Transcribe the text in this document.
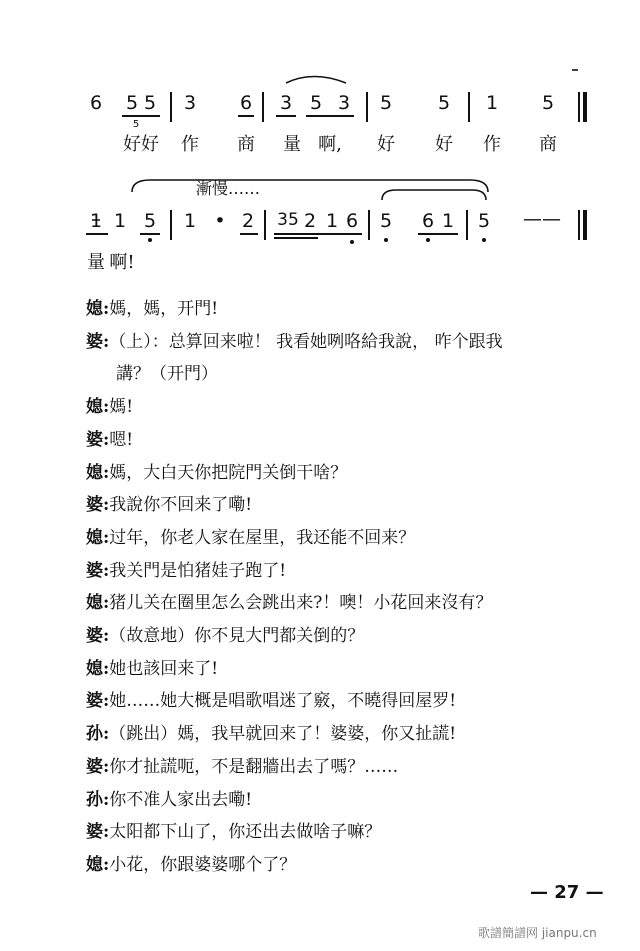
6 5 5
5
3 6 3 5 3 5 5 1 5
好 好 作 商 量 啊, 好 好 作 商
漸慢……
1 1 5 1 • 2 35 2 1 6 5 6 1 5 ——
量 啊!
媳:媽，媽，开門!
婆:（上）：总算回来啦！ 我看她咧咯給我說， 咋个跟我
講？（开門）
媳:媽!
婆:嗯!
媳:媽，大白天你把院門关倒干啥？
婆:我說你不回来了嘞!
媳:过年，你老人家在屋里，我还能不回来？
婆:我关門是怕猪娃子跑了!
媳:猪儿关在圈里怎么会跳出来?！噢！小花回来沒有？
婆:（故意地）你不見大門都关倒的？
媳:她也該回来了!
婆:她……她大概是唱歌唱迷了竅，不曉得回屋罗!
孙:（跳出）媽，我早就回来了！婆婆，你又扯謊!
婆:你才扯謊呃，不是翻牆出去了嗎？……
孙:你不准人家出去嘞!
婆:太阳都下山了，你还出去做啥子嘛？
媳:小花，你跟婆婆哪个了？
— 27 —
歌譜簡譜网 jianpu.cn
